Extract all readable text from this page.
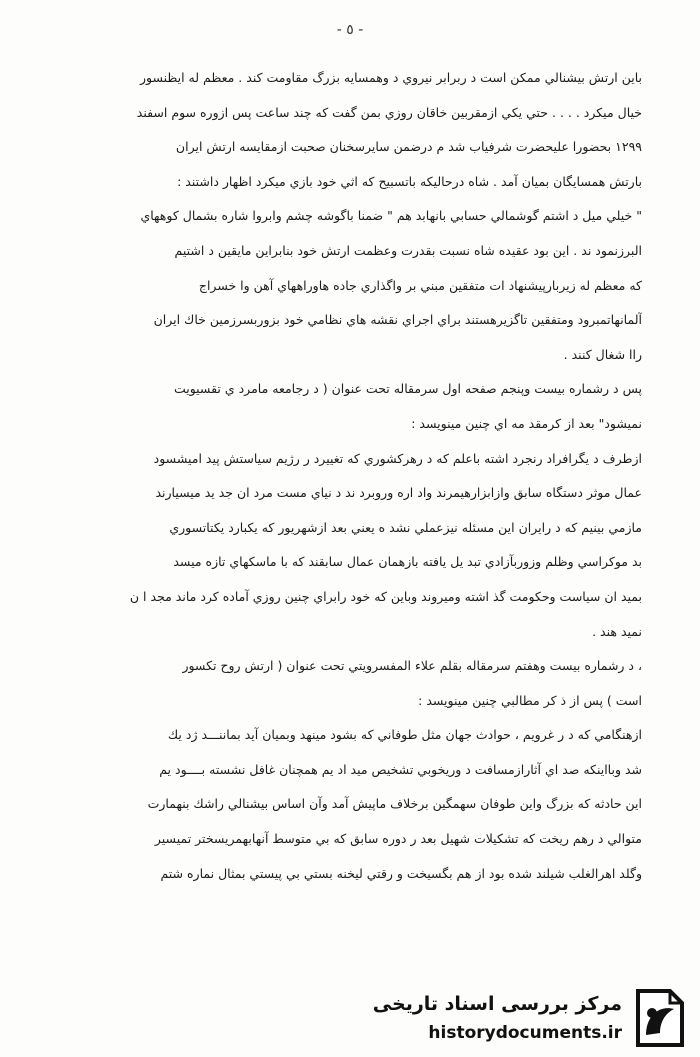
- ٥ -
باين ارتش بيشنالي ممكن است د ربرابر نيروي د وهمسايه بزرگ مقاومت كند . معظم له ايظنسور
خيال ميكرد . . . . حتي يكي ازمقربين خاقان روزي بمن گفت كه چند ساعت پس ازوره سوم اسفند
١٢٩٩ بحضورا عليحضرت شرفياب شد م درضمن سايرسخنان صحبت ازمقايسه ارتش ايران
بارتش همسايگان بميان آمد . شاه درحاليكه باتسبيح كه اثي خود بازي ميكرد اظهار داشتند :
" خيلي ميل د اشتم گوشمالي حسابي بانهابد هم " ضمنا باگوشه چشم وابروا شاره بشمال كوههاي
البرزنمود ند . اين بود عقيده شاه نسبت بقدرت وعظمت ارتش خود بنابراين مايقين د اشتيم
كه معظم له زيربارپيشنهاد ات متفقين مبني بر واگذاري جاده هاوراههاي آهن وا خسراج
آلمانهاتمبرود ومتفقين تاگزيرهستند براي اجراي نقشه هاي نظامي خود بزوربسرزمين خاك ايران
راا شغال كنند .
پس د رشماره بيست وپنجم صفحه اول سرمقاله تحت عنوان ( د رجامعه مامرد ي تقسيويت
نميشود" بعد از كرمقد مه اي چنين مينويسد :
ازطرف د يگرافراد رنجرد اشته باعلم كه د رهركشوري كه تغييرد ر رژيم سياستش پيد اميشسود
عمال موثر دستگاه سابق وازابزارهيمرند واد اره وروبرد ند د نياي مست مرد ان جد يد ميسيارند
مازمي بينيم كه د رايران اين مسئله نيزعملي نشد ه يعني بعد ازشهريور كه يكبارد يكتاتسوري
بد موكراسي وظلم وزوربآزادي تبد يل يافته بازهمان عمال سابقند كه با ماسكهاي تازه ميسد
بميد ان سياست وحكومت گذ اشته وميروند وباين كه خود رابراي چنين روزي آماده كرد ماند مجد ا ن
نميد هند .
، د رشماره بيست وهفتم سرمقاله بقلم علاء المفسرويتي تحت عنوان ( ارتش روح تكسور
است ) پس از ذ كر مطالبي چنين مينويسد :
ازهنگامي كه د ر غرويم ، حوادث جهان مثل طوفاني كه بشود مينهد وبميان آيد بماننـــد ژد يك
شد وبااينكه صد اي آثارازمسافت د وريخوبي تشخيص ميد اد يم همچنان غافل نشسته بــــود يم
اين حادثه كه بزرگ واين طوفان سهمگين برخلاف ماپيش آمد وآن اساس بيشنالي راشك بنهمارت
متوالي د رهم ريخت كه تشكيلات شهيل بعد ر دوره سابق كه بي متوسط آنهابهمريسختر تميسير
وگلد اهرالغلب شيلند شده بود از هم بگسيخت و رقتي ليخنه بستي بي پيستي بمثال نماره شتم
مركز بررسی اسناد تاريخی
historydocuments.ir
